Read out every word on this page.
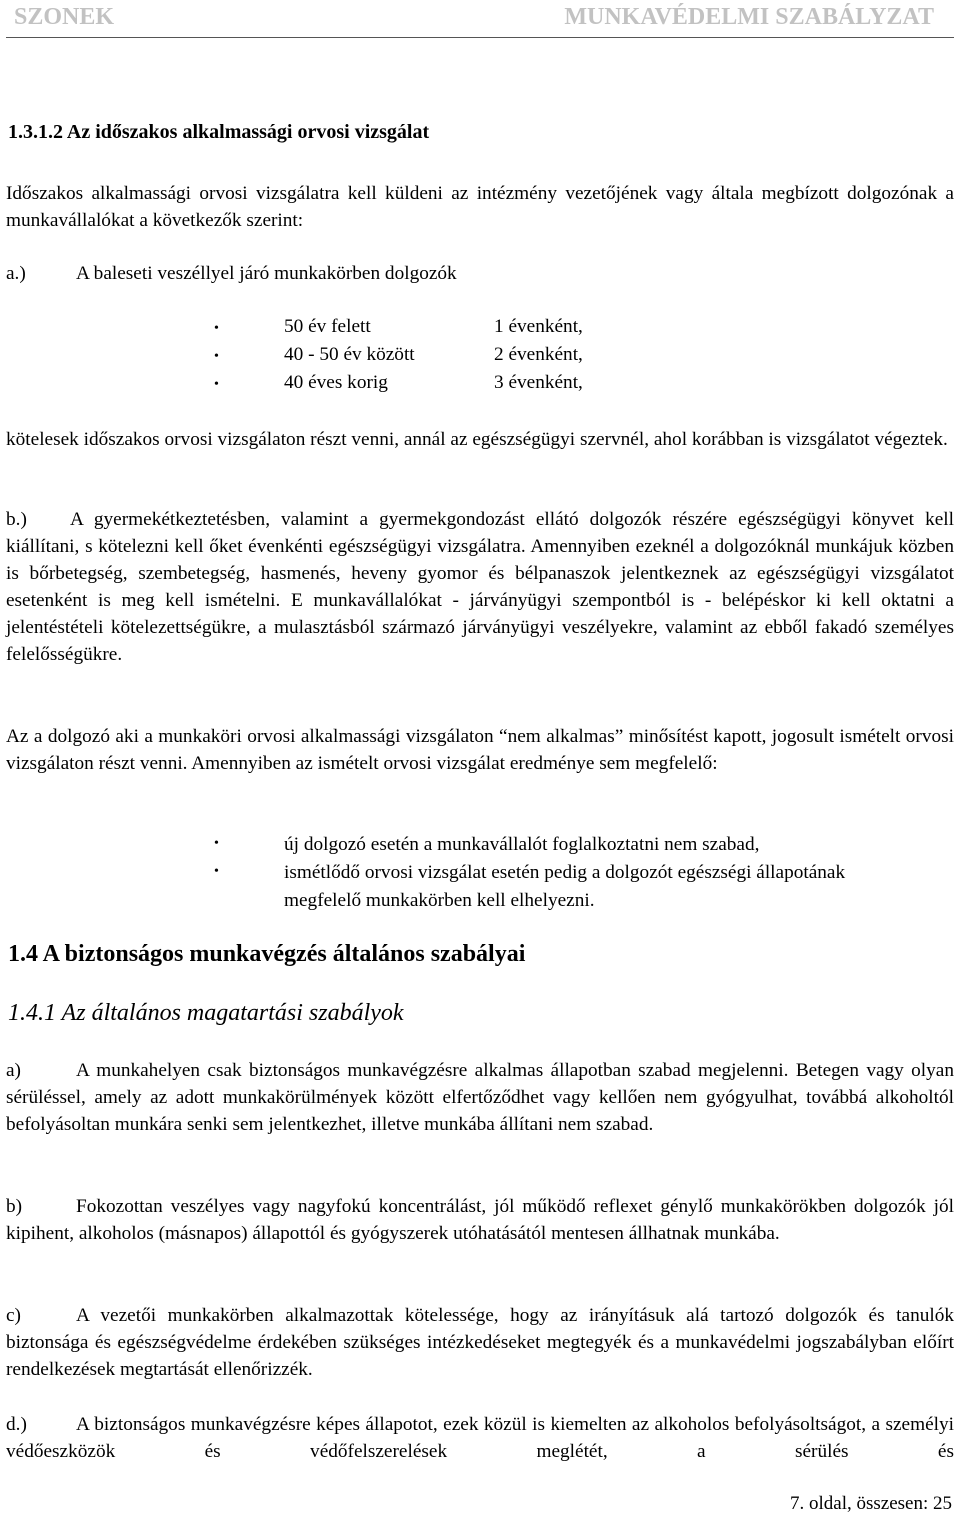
SZONEK	MUNKAVÉDELMI SZABÁLYZAT
1.3.1.2 Az időszakos alkalmassági orvosi vizsgálat
Időszakos alkalmassági orvosi vizsgálatra kell küldeni az intézmény vezetőjének vagy általa megbízott dolgozónak a munkavállalókat a következők szerint:
a.)	A baleseti veszéllyel járó munkakörben dolgozók
•	50 év felett	1 évenként,
•	40 - 50 év között	2 évenként,
•	40 éves korig	3 évenként,
kötelesek időszakos orvosi vizsgálaton részt venni, annál az egészségügyi szervnél, ahol korábban is vizsgálatot végeztek.
b.) A gyermekétkeztetésben, valamint a gyermekgondozást ellátó dolgozók részére egészségügyi könyvet kell kiállítani, s kötelezni kell őket évenkénti egészségügyi vizsgálatra. Amennyiben ezeknél a dolgozóknál munkájuk közben is bőrbetegség, szembetegség, hasmenés, heveny gyomor és bélpanaszok jelentkeznek az egészségügyi vizsgálatot esetenként is meg kell ismételni. E munkavállalókat - járványügyi szempontból is - belépéskor ki kell oktatni a jelentéstételi kötelezettségükre, a mulasztásból származó járványügyi veszélyekre, valamint az ebből fakadó személyes felelősségükre.
Az a dolgozó aki a munkaköri orvosi alkalmassági vizsgálaton “nem alkalmas” minősítést kapott, jogosult ismételt orvosi vizsgálaton részt venni. Amennyiben az ismételt orvosi vizsgálat eredménye sem megfelelő:
•	új dolgozó esetén a munkavállalót foglalkoztatni nem szabad,
•	ismétlődő orvosi vizsgálat esetén pedig a dolgozót egészségi állapotának megfelelő munkakörben kell elhelyezni.
1.4 A biztonságos munkavégzés általános szabályai
1.4.1 Az általános magatartási szabályok
a)	A munkahelyen csak biztonságos munkavégzésre alkalmas állapotban szabad megjelenni. Betegen vagy olyan sérüléssel, amely az adott munkakörülmények között elfertőződhet vagy kellően nem gyógyulhat, továbbá alkoholtól befolyásoltan munkára senki sem jelentkezhet, illetve munkába állítani nem szabad.
b)	Fokozottan veszélyes vagy nagyfokú koncentrálást, jól működő reflexet génylő munkakörökben dolgozók jól kipihent, alkoholos (másnapos) állapottól és gyógyszerek utóhatásától mentesen állhatnak munkába.
c)	A vezetői munkakörben alkalmazottak kötelessége, hogy az irányításuk alá tartozó dolgozók és tanulók biztonsága és egészségvédelme érdekében szükséges intézkedéseket megtegyék és a munkavédelmi jogszabályban előírt rendelkezések megtartását ellenőrizzék.
d.)	A biztonságos munkavégzésre képes állapotot, ezek közül is kiemelten az alkoholos befolyásoltságot, a személyi védőeszközök és védőfelszerelések meglétét, a sérülés és
7. oldal, összesen: 25
